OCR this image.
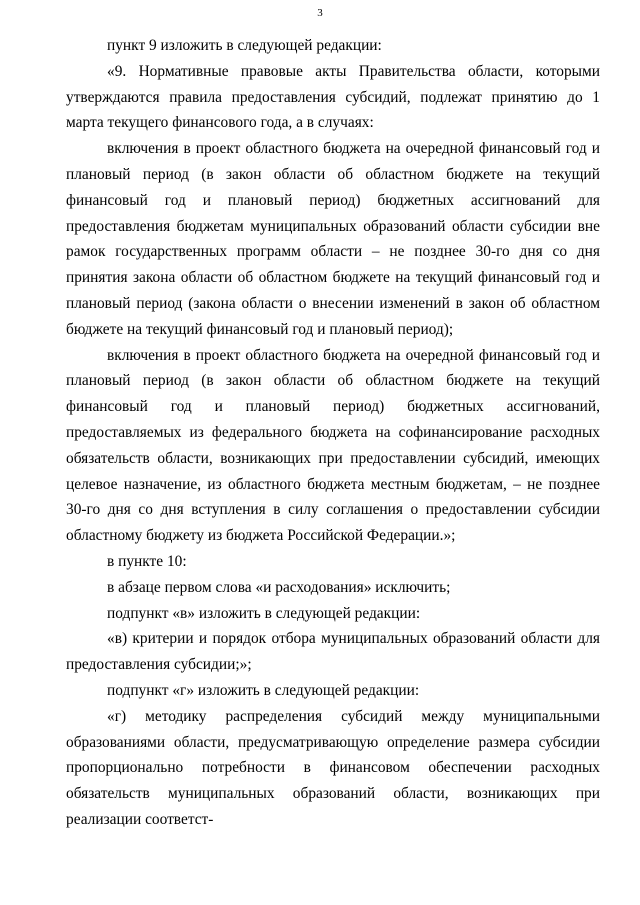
3

пункт 9 изложить в следующей редакции:

«9. Нормативные правовые акты Правительства области, которыми утверждаются правила предоставления субсидий, подлежат принятию до 1 марта текущего финансового года, а в случаях:

включения в проект областного бюджета на очередной финансовый год и плановый период (в закон области об областном бюджете на текущий финансовый год и плановый период) бюджетных ассигнований для предоставления бюджетам муниципальных образований области субсидии вне рамок государственных программ области – не позднее 30-го дня со дня принятия закона области об областном бюджете на текущий финансовый год и плановый период (закона области о внесении изменений в закон об областном бюджете на текущий финансовый год и плановый период);

включения в проект областного бюджета на очередной финансовый год и плановый период (в закон области об областном бюджете на текущий финансовый год и плановый период) бюджетных ассигнований, предоставляемых из федерального бюджета на софинансирование расходных обязательств области, возникающих при предоставлении субсидий, имеющих целевое назначение, из областного бюджета местным бюджетам, – не позднее 30-го дня со дня вступления в силу соглашения о предоставлении субсидии областному бюджету из бюджета Российской Федерации.»;

в пункте 10:

в абзаце первом слова «и расходования» исключить;

подпункт «в» изложить в следующей редакции:

«в) критерии и порядок отбора муниципальных образований области для предоставления субсидии;»;

подпункт «г» изложить в следующей редакции:

«г) методику распределения субсидий между муниципальными образованиями области, предусматривающую определение размера субсидии пропорционально потребности в финансовом обеспечении расходных обязательств муниципальных образований области, возникающих при реализации соответст-
